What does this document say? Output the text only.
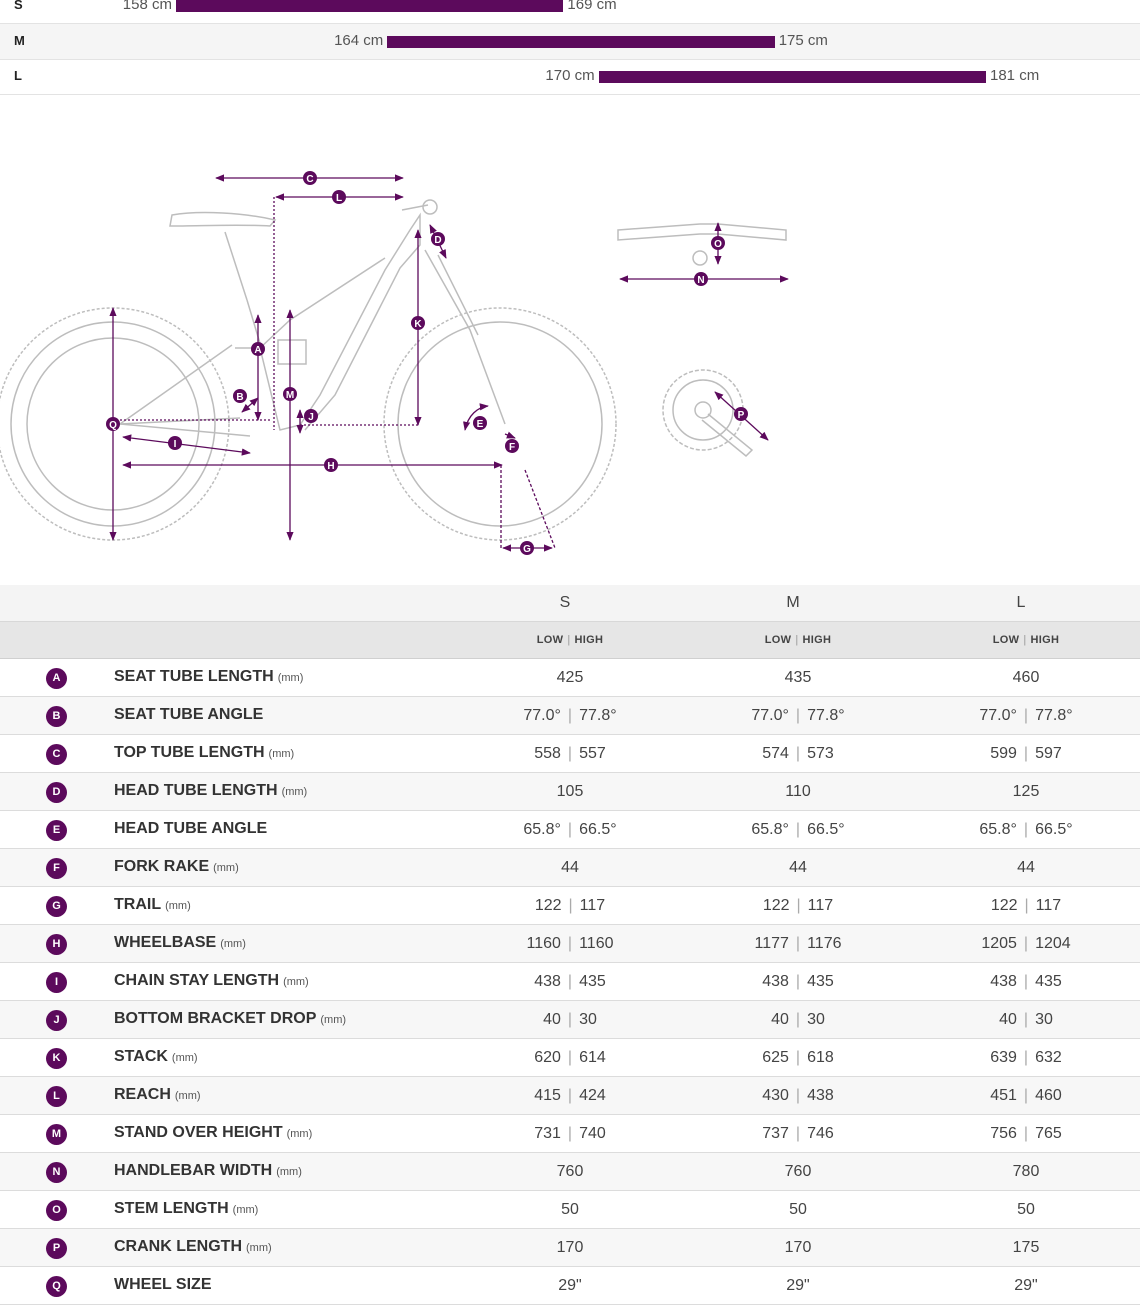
S	158 cm	169 cm
M	164 cm	175 cm
L	170 cm	181 cm
A
B
C
D
E
F
G
H
I
J
K
L
M
N
O
P
Q
S	M	L
LOW | HIGH	LOW | HIGH	LOW | HIGH
A	SEAT TUBE LENGTH (mm)	425	435	460
B	SEAT TUBE ANGLE	77.0° | 77.8°	77.0° | 77.8°	77.0° | 77.8°
C	TOP TUBE LENGTH (mm)	558 | 557	574 | 573	599 | 597
D	HEAD TUBE LENGTH (mm)	105	110	125
E	HEAD TUBE ANGLE	65.8° | 66.5°	65.8° | 66.5°	65.8° | 66.5°
F	FORK RAKE (mm)	44	44	44
G	TRAIL (mm)	122 | 117	122 | 117	122 | 117
H	WHEELBASE (mm)	1160 | 1160	1177 | 1176	1205 | 1204
I	CHAIN STAY LENGTH (mm)	438 | 435	438 | 435	438 | 435
J	BOTTOM BRACKET DROP (mm)	40 | 30	40 | 30	40 | 30
K	STACK (mm)	620 | 614	625 | 618	639 | 632
L	REACH (mm)	415 | 424	430 | 438	451 | 460
M	STAND OVER HEIGHT (mm)	731 | 740	737 | 746	756 | 765
N	HANDLEBAR WIDTH (mm)	760	760	780
O	STEM LENGTH (mm)	50	50	50
P	CRANK LENGTH (mm)	170	170	175
Q	WHEEL SIZE	29"	29"	29"
